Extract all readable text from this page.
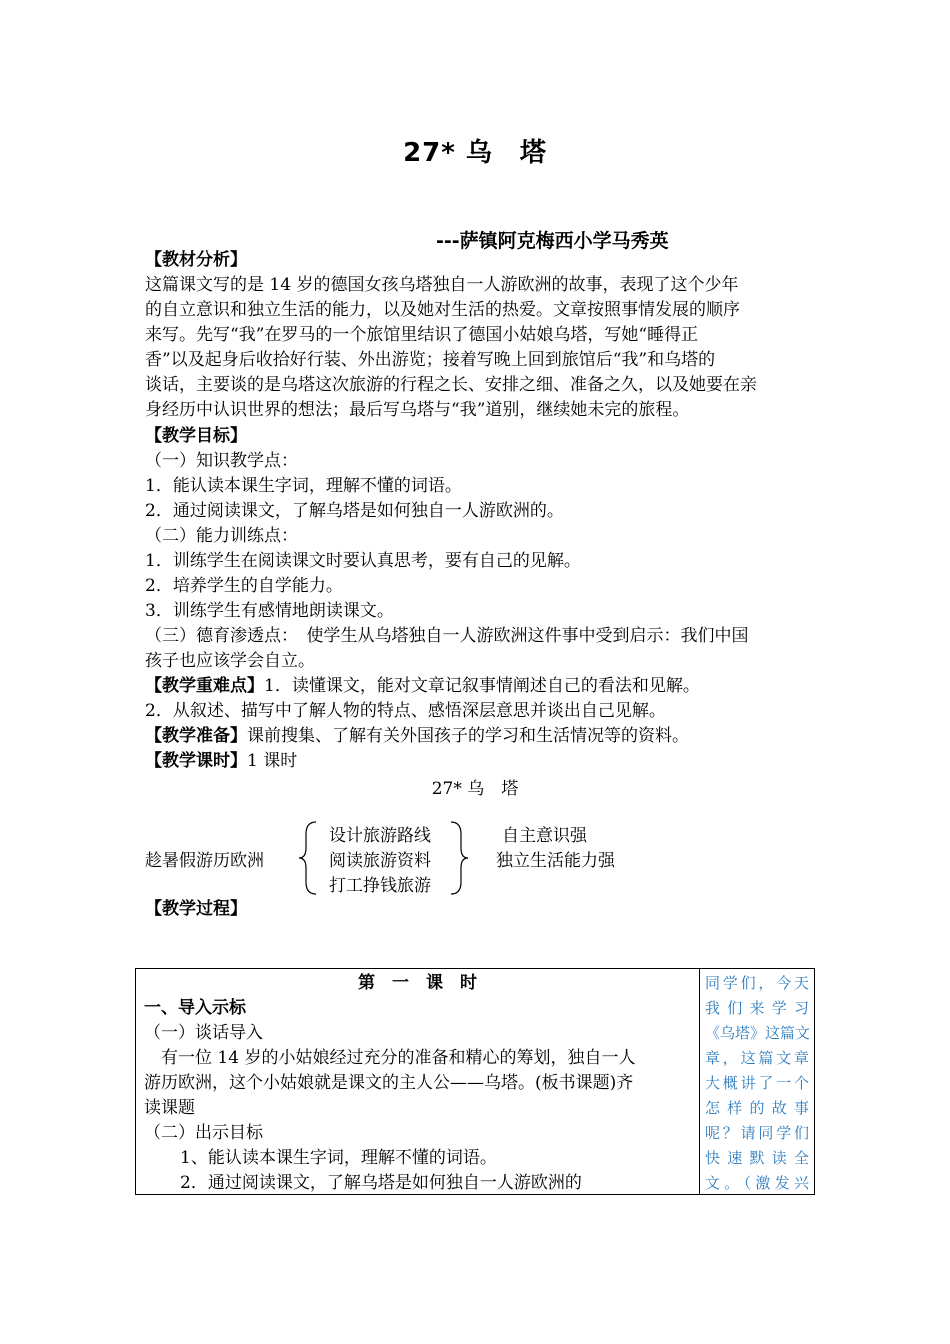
27* 乌　塔
---萨镇阿克梅西小学马秀英
【教材分析】
这篇课文写的是 14 岁的德国女孩乌塔独自一人游欧洲的故事，表现了这个少年
的自立意识和独立生活的能力，以及她对生活的热爱。文章按照事情发展的顺序
来写。先写“我”在罗马的一个旅馆里结识了德国小姑娘乌塔，写她“睡得正
香”以及起身后收拾好行装、外出游览；接着写晚上回到旅馆后“我”和乌塔的
谈话，主要谈的是乌塔这次旅游的行程之长、安排之细、准备之久，以及她要在亲
身经历中认识世界的想法；最后写乌塔与“我”道别，继续她未完的旅程。
【教学目标】
（一）知识教学点：
1．能认读本课生字词，理解不懂的词语。
2．通过阅读课文，了解乌塔是如何独自一人游欧洲的。
（二）能力训练点：
1．训练学生在阅读课文时要认真思考，要有自己的见解。
2．培养学生的自学能力。
3．训练学生有感情地朗读课文。
（三）德育渗透点：　使学生从乌塔独自一人游欧洲这件事中受到启示：我们中国
孩子也应该学会自立。
【教学重难点】1．读懂课文，能对文章记叙事情阐述自己的看法和见解。
2．从叙述、描写中了解人物的特点、感悟深层意思并谈出自己见解。
【教学准备】课前搜集、了解有关外国孩子的学习和生活情况等的资料。
【教学课时】1 课时
27* 乌　塔
趁暑假游历欧洲
设计旅游路线
阅读旅游资料
打工挣钱旅游
自主意识强
独立生活能力强
【教学过程】
第　一　课　时
一、导入示标
（一）谈话导入
　有一位 14 岁的小姑娘经过充分的准备和精心的筹划，独自一人
游历欧洲，这个小姑娘就是课文的主人公——乌塔。(板书课题)齐
读课题
（二）出示目标
1、能认读本课生字词，理解不懂的词语。
2．通过阅读课文，了解乌塔是如何独自一人游欧洲的
同学们，今天
我 们 来 学 习
《乌塔》这篇文
章，这篇文章
大概讲了一个
怎 样 的 故 事
呢？请同学们
快 速 默 读 全
文。（激发兴
